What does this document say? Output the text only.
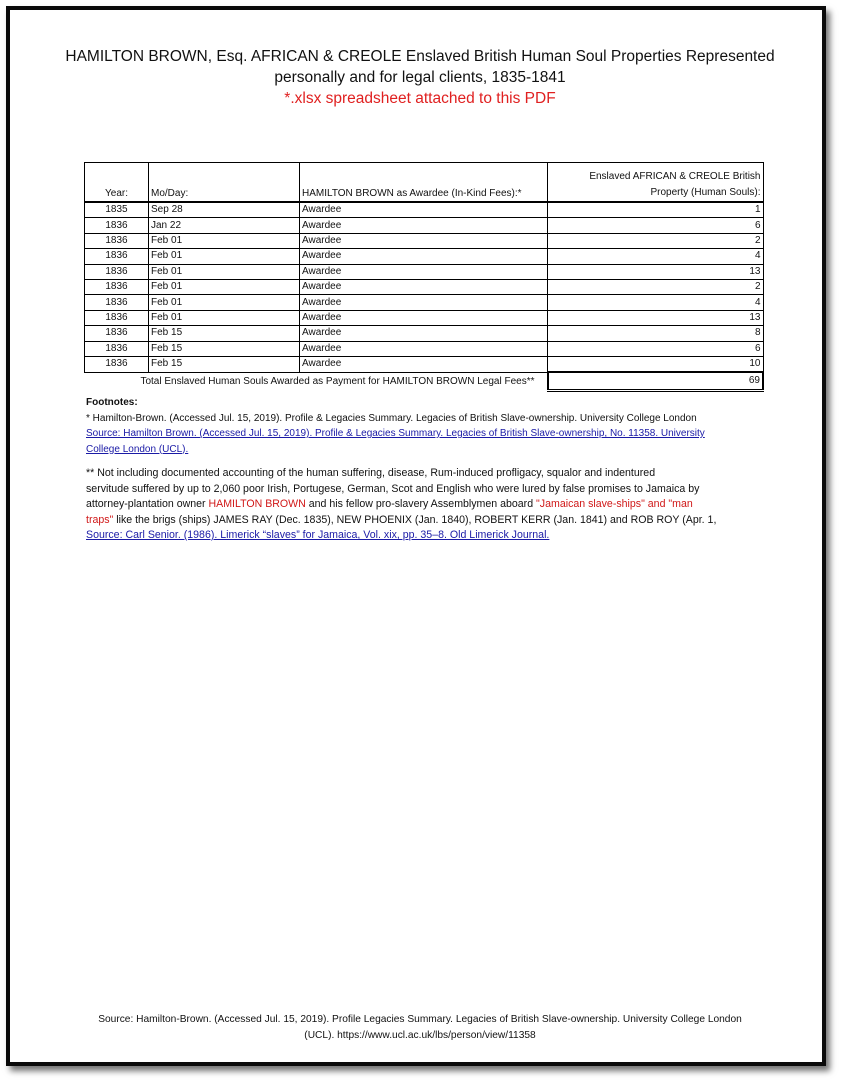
HAMILTON BROWN, Esq. AFRICAN & CREOLE Enslaved British Human Soul Properties Represented
personally and for legal clients, 1835-1841
*.xlsx spreadsheet attached to this PDF
Year:	Mo/Day:	HAMILTON BROWN as Awardee (In-Kind Fees):*	Enslaved AFRICAN & CREOLE British
Property (Human Souls):

1835	Sep 28	Awardee	1
1836	Jan 22	Awardee	6
1836	Feb 01	Awardee	2
1836	Feb 01	Awardee	4
1836	Feb 01	Awardee	13
1836	Feb 01	Awardee	2
1836	Feb 01	Awardee	4
1836	Feb 01	Awardee	13
1836	Feb 15	Awardee	8
1836	Feb 15	Awardee	6
1836	Feb 15	Awardee	10
Total Enslaved Human Souls Awarded as Payment for HAMILTON BROWN Legal Fees**			69
Footnotes:
* Hamilton-Brown. (Accessed Jul. 15, 2019). Profile & Legacies Summary. Legacies of British Slave-ownership. University College London
Source: Hamilton Brown. (Accessed Jul. 15, 2019). Profile & Legacies Summary. Legacies of British Slave-ownership, No. 11358. University
College London (UCL).
** Not including documented accounting of the human suffering, disease, Rum-induced profligacy, squalor and indentured
servitude suffered by up to 2,060 poor Irish, Portugese, German, Scot and English who were lured by false promises to Jamaica by
attorney-plantation owner HAMILTON BROWN and his fellow pro-slavery Assemblymen aboard "Jamaican slave-ships" and "man
traps" like the brigs (ships) JAMES RAY (Dec. 1835), NEW PHOENIX (Jan. 1840), ROBERT KERR (Jan. 1841) and ROB ROY (Apr. 1,
Source: Carl Senior. (1986). Limerick “slaves” for Jamaica, Vol. xix, pp. 35–8. Old Limerick Journal.
Source: Hamilton-Brown. (Accessed Jul. 15, 2019). Profile Legacies Summary. Legacies of British Slave-ownership. University College London
(UCL). https://www.ucl.ac.uk/lbs/person/view/11358
